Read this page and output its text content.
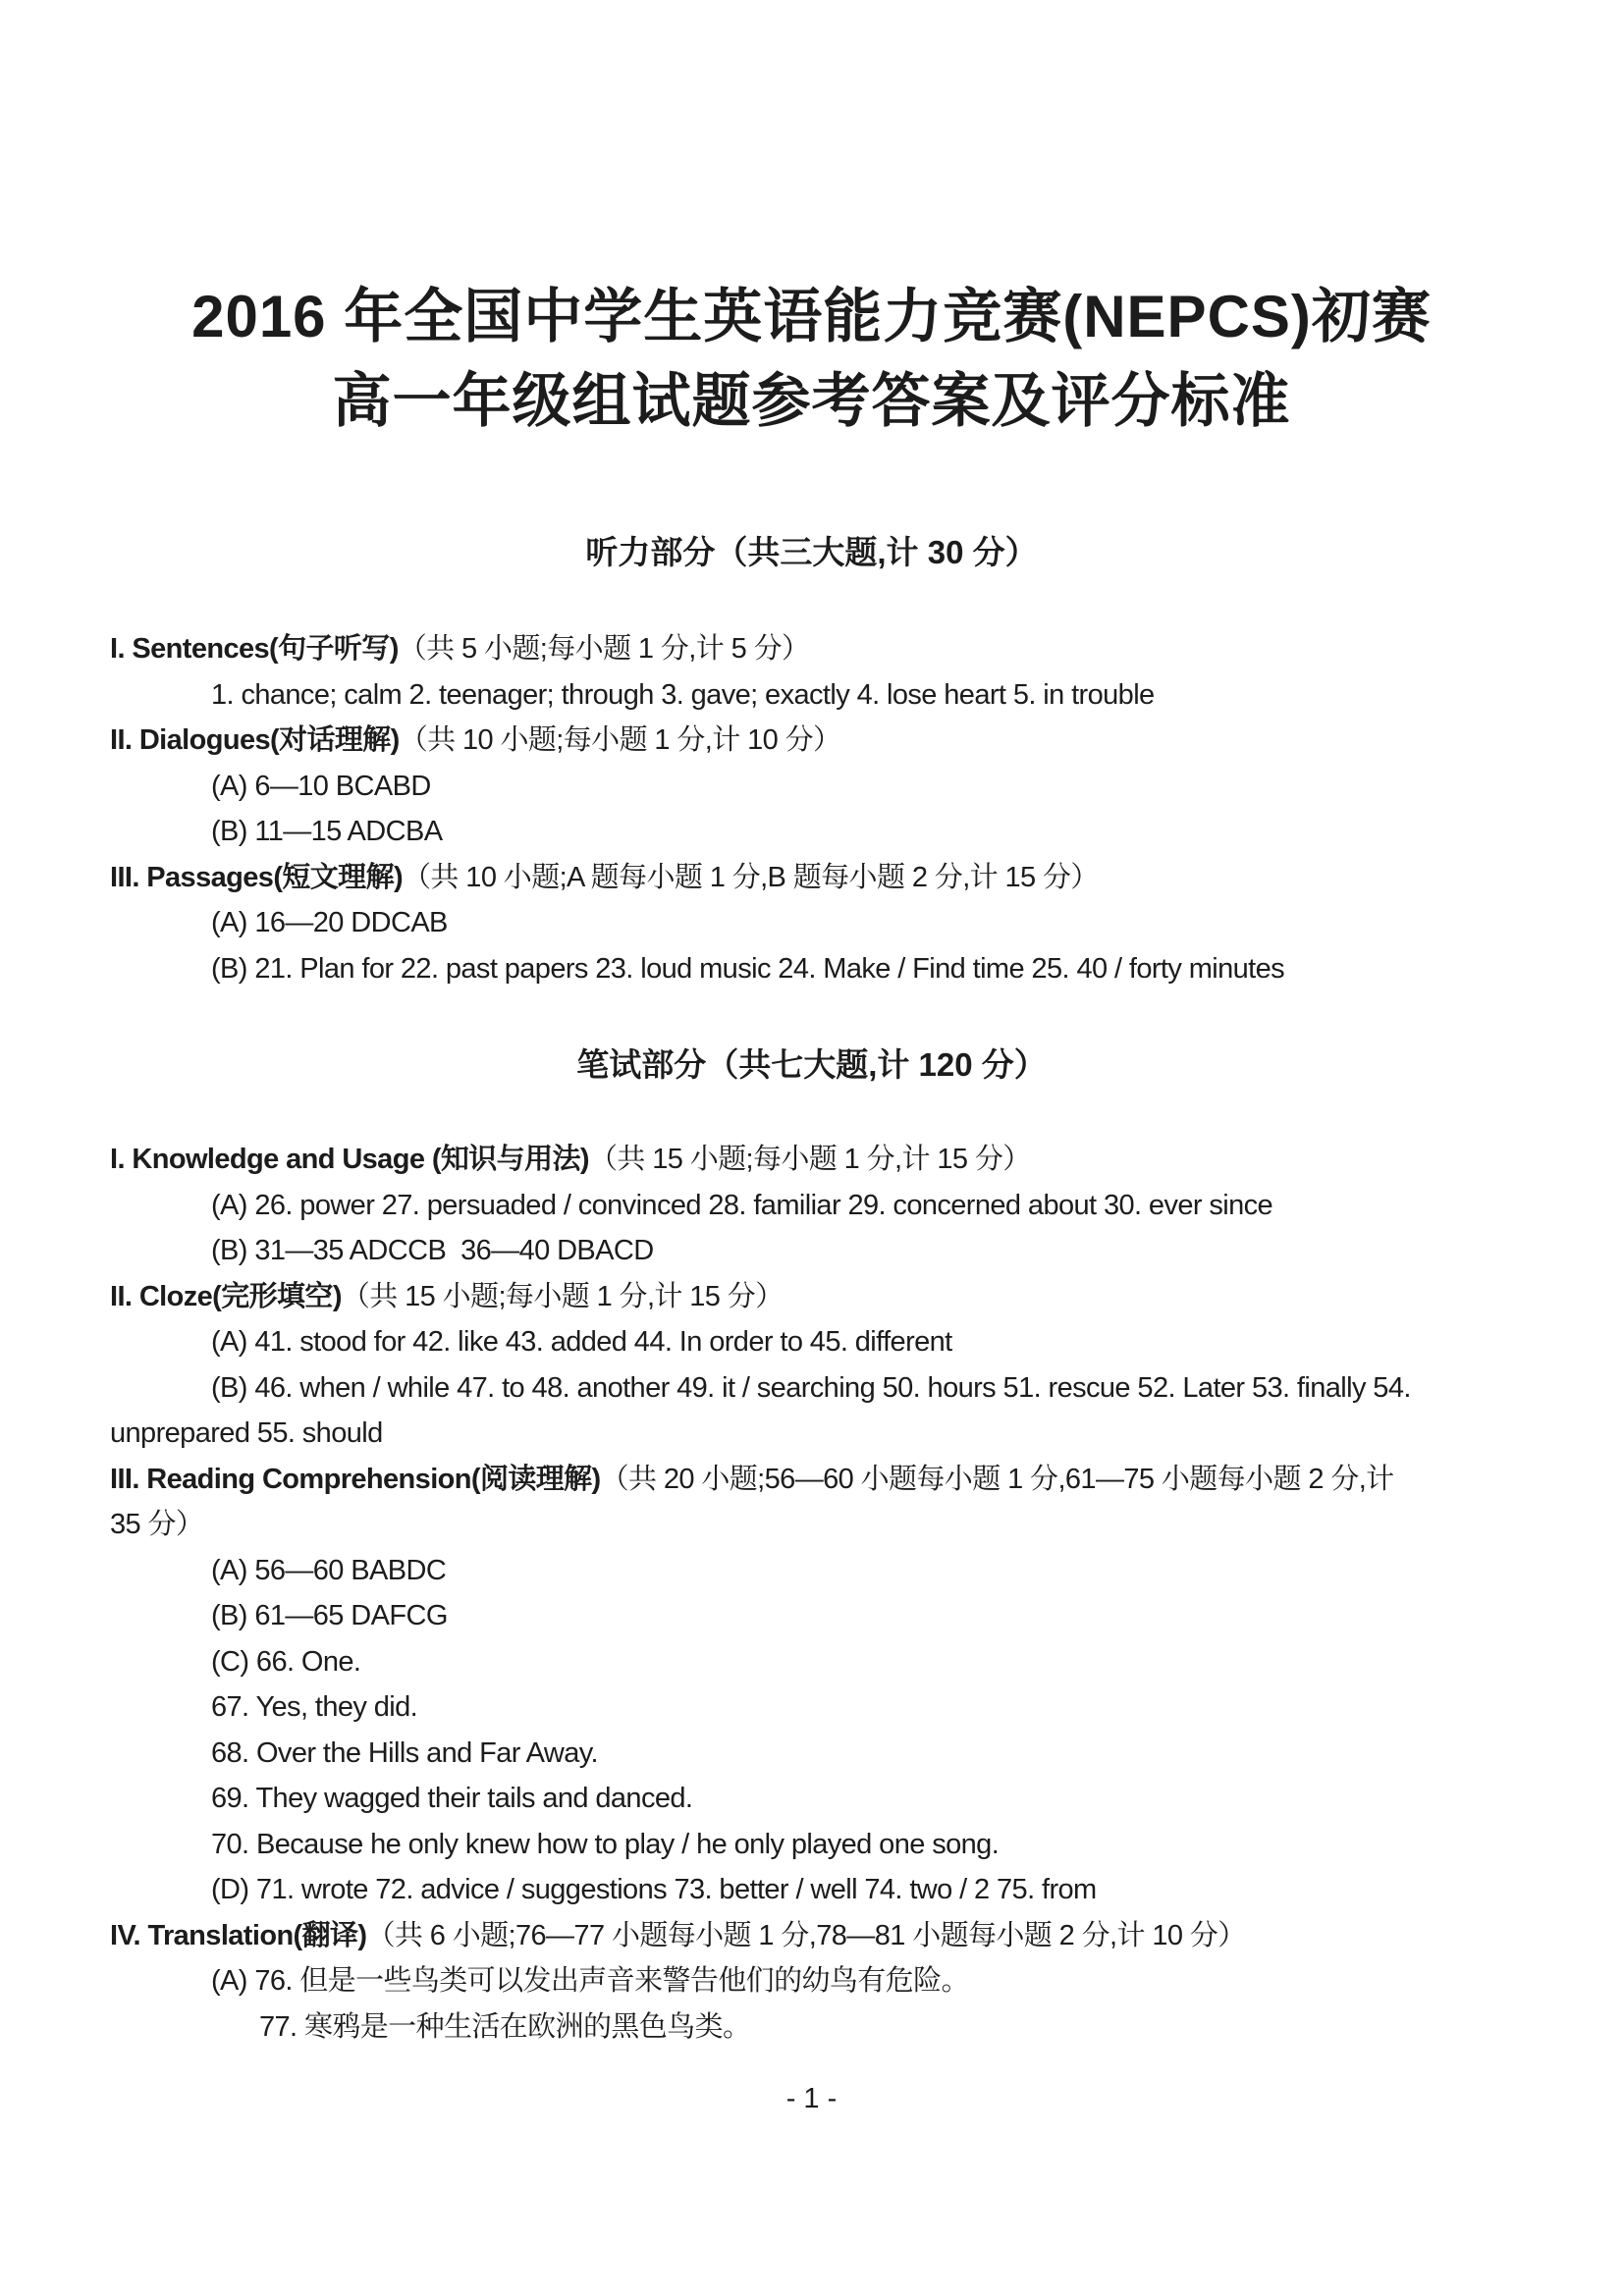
2016 年全国中学生英语能力竞赛(NEPCS)初赛
高一年级组试题参考答案及评分标准
听力部分（共三大题,计 30 分）
I. Sentences(句子听写)（共 5 小题;每小题 1 分,计 5 分）
1. chance; calm 2. teenager; through 3. gave; exactly 4. lose heart 5. in trouble
II. Dialogues(对话理解)（共 10 小题;每小题 1 分,计 10 分）
(A) 6—10 BCABD
(B) 11—15 ADCBA
III. Passages(短文理解)（共 10 小题;A 题每小题 1 分,B 题每小题 2 分,计 15 分）
(A) 16—20 DDCAB
(B) 21. Plan for 22. past papers 23. loud music 24. Make / Find time 25. 40 / forty minutes
笔试部分（共七大题,计 120 分）
I. Knowledge and Usage (知识与用法)（共 15 小题;每小题 1 分,计 15 分）
(A) 26. power 27. persuaded / convinced 28. familiar 29. concerned about 30. ever since
(B) 31—35 ADCCB  36—40 DBACD
II. Cloze(完形填空)（共 15 小题;每小题 1 分,计 15 分）
(A) 41. stood for 42. like 43. added 44. In order to 45. different
(B) 46. when / while 47. to 48. another 49. it / searching 50. hours 51. rescue 52. Later 53. finally 54.
unprepared 55. should
III. Reading Comprehension(阅读理解)（共 20 小题;56—60 小题每小题 1 分,61—75 小题每小题 2 分,计
35 分）
(A) 56—60 BABDC
(B) 61—65 DAFCG
(C) 66. One.
67. Yes, they did.
68. Over the Hills and Far Away.
69. They wagged their tails and danced.
70. Because he only knew how to play / he only played one song.
(D) 71. wrote 72. advice / suggestions 73. better / well 74. two / 2 75. from
IV. Translation(翻译)（共 6 小题;76—77 小题每小题 1 分,78—81 小题每小题 2 分,计 10 分）
(A) 76. 但是一些鸟类可以发出声音来警告他们的幼鸟有危险。
77. 寒鸦是一种生活在欧洲的黑色鸟类。
- 1 -
